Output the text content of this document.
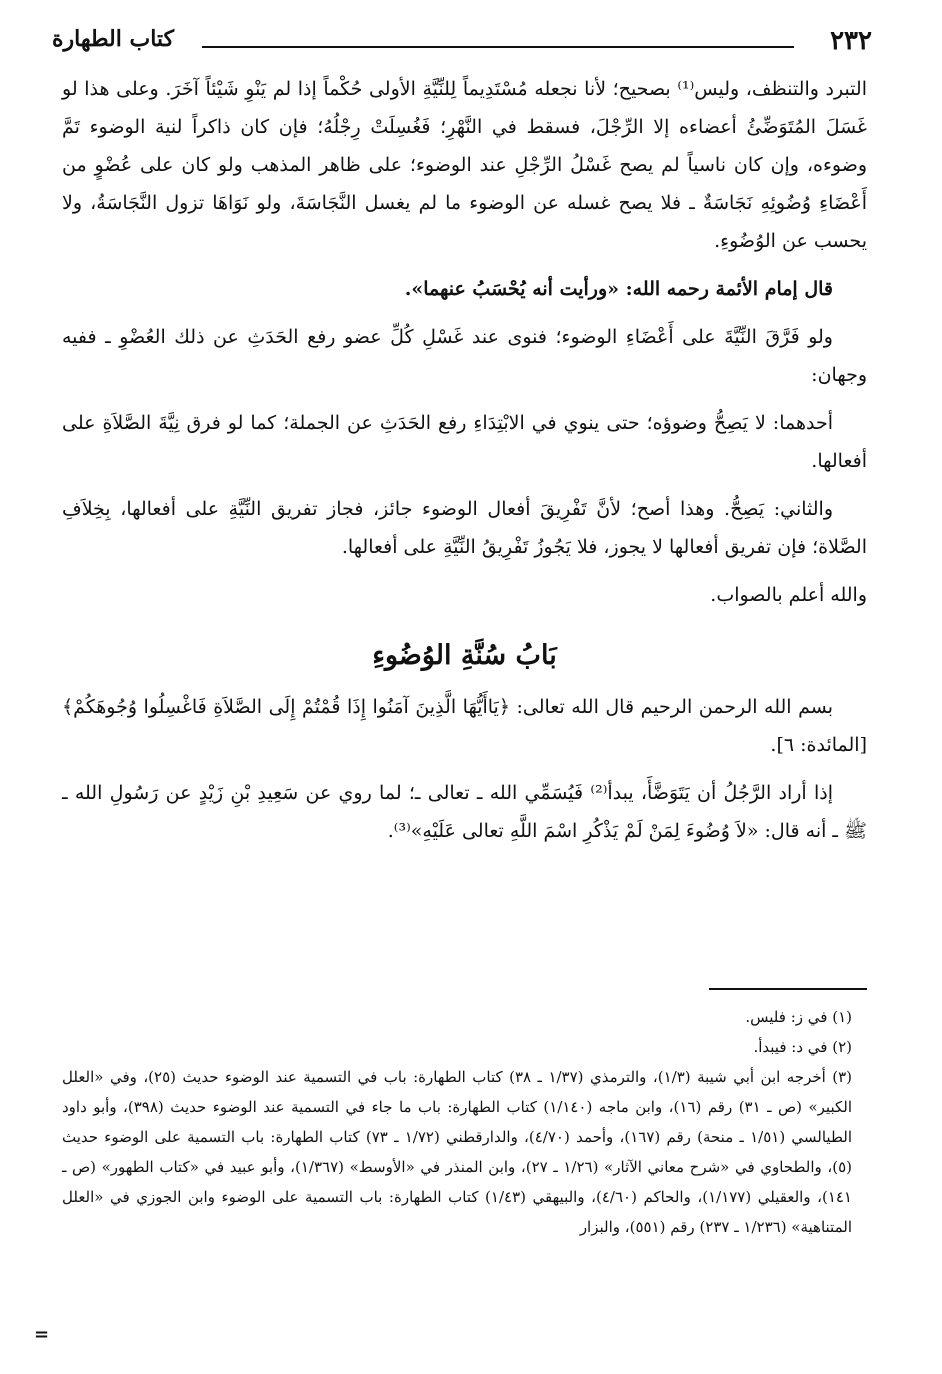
٢٣٢
كتاب الطهارة

التبرد والتنظف، وليس⁽¹⁾ بصحيح؛ لأنا نجعله مُسْتَدِيماً لِلنِّيَّةِ الأولى حُكْماً إذا لم يَنْوِ شَيْئاً آخَرَ. وعلى هذا لو غَسَلَ المُتَوَضِّئُ أعضاءه إلا الرِّجْلَ، فسقط في النَّهْرِ؛ فَغُسِلَتْ رِجْلُهُ؛ فإن كان ذاكراً لنية الوضوء تَمَّ وضوءه، وإن كان ناسياً لم يصح غَسْلُ الرِّجْلِ عند الوضوء؛ على ظاهر المذهب ولو كان على عُضْوٍ من أَعْضَاءِ وُضُوئِهِ نَجَاسَةٌ ـ فلا يصح غسله عن الوضوء ما لم يغسل النَّجَاسَةَ، ولو نَوَاهَا تزول النَّجَاسَةُ، ولا يحسب عن الوُضُوءِ.

قال إمام الأئمة رحمه الله: «ورأيت أنه يُحْسَبُ عنهما».

ولو فَرَّقَ النِّيَّةَ على أَعْضَاءِ الوضوء؛ فنوى عند غَسْلِ كُلِّ عضو رفع الحَدَثِ عن ذلك العُضْوِ ـ ففيه وجهان:

أحدهما: لا يَصِحُّ وضوؤه؛ حتى ينوي في الابْتِدَاءِ رفع الحَدَثِ عن الجملة؛ كما لو فرق نِيَّةَ الصَّلاَةِ على أفعالها.

والثاني: يَصِحُّ. وهذا أصح؛ لأنَّ تَفْرِيقَ أفعال الوضوء جائز، فجاز تفريق النِّيَّةِ على أفعالها، بِخِلاَفِ الصَّلاة؛ فإن تفريق أفعالها لا يجوز، فلا يَجُوزُ تَفْرِيقُ النِّيَّةِ على أفعالها.

والله أعلم بالصواب.

بَابُ سُنَّةِ الوُضُوءِ

بسم الله الرحمن الرحيم قال الله تعالى: ﴿يَاأَيُّهَا الَّذِينَ آمَنُوا إِذَا قُمْتُمْ إِلَى الصَّلاَةِ فَاغْسِلُوا وُجُوهَكُمْ﴾ [المائدة: ٦].

إذا أراد الرَّجُلُ أن يَتَوَضَّأَ، يبدأ⁽²⁾ فَيُسَمِّي الله ـ تعالى ـ؛ لما روي عن سَعِيدِ بْنِ زَيْدٍ عن رَسُولِ الله ـ ﷺ ـ أنه قال: «لاَ وُضُوءَ لِمَنْ لَمْ يَذْكُرِ اسْمَ اللَّهِ تعالى عَلَيْهِ»⁽³⁾.

(١) في ز: فليس.

(٢) في د: فيبدأ.

(٣) أخرجه ابن أبي شيبة (١/٣)، والترمذي (١/٣٧ ـ ٣٨) كتاب الطهارة: باب في التسمية عند الوضوء حديث (٢٥)، وفي «العلل الكبير» (ص ـ ٣١) رقم (١٦)، وابن ماجه (١/١٤٠) كتاب الطهارة: باب ما جاء في التسمية عند الوضوء حديث (٣٩٨)، وأبو داود الطيالسي (١/٥١ ـ منحة) رقم (١٦٧)، وأحمد (٤/٧٠)، والدارقطني (١/٧٢ ـ ٧٣) كتاب الطهارة: باب التسمية على الوضوء حديث (٥)، والطحاوي في «شرح معاني الآثار» (١/٢٦ ـ ٢٧)، وابن المنذر في «الأوسط» (١/٣٦٧)، وأبو عبيد في «كتاب الطهور» (ص ـ ١٤١)، والعقيلي (١/١٧٧)، والحاكم (٤/٦٠)، والبيهقي (١/٤٣) كتاب الطهارة: باب التسمية على الوضوء وابن الجوزي في «العلل المتناهية» (١/٢٣٦ ـ ٢٣٧) رقم (٥٥١)، والبزار

=
